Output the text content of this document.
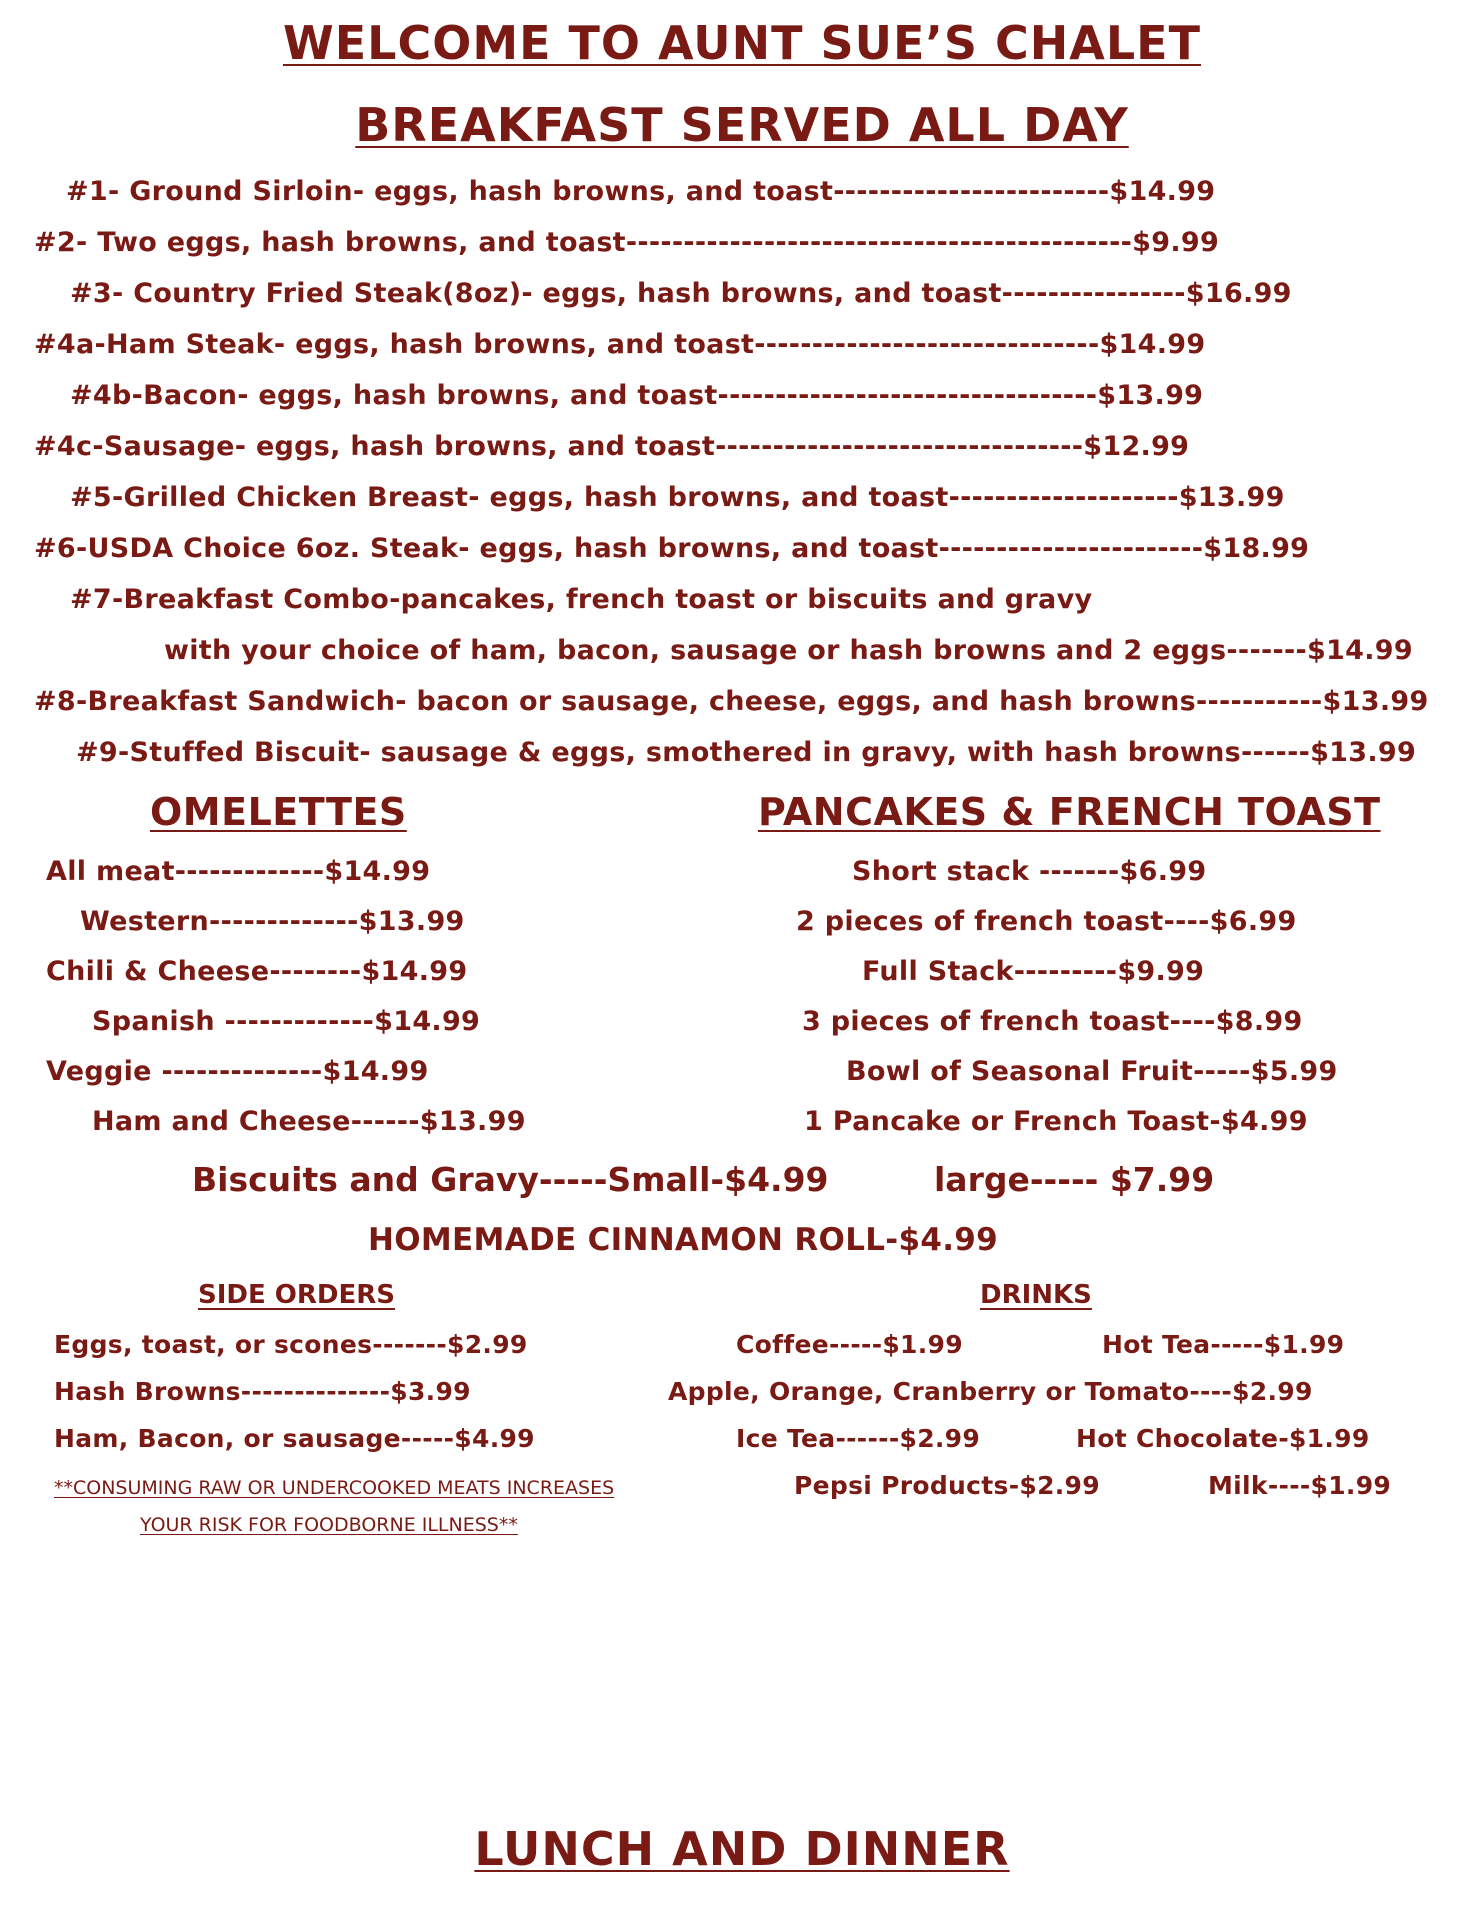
WELCOME TO AUNT SUE’S CHALET
BREAKFAST SERVED ALL DAY
#1- Ground Sirloin- eggs, hash browns, and toast------------------------$14.99
#2- Two eggs, hash browns, and toast--------------------------------------------$9.99
#3- Country Fried Steak(8oz)- eggs, hash browns, and toast----------------$16.99
#4a-Ham Steak- eggs, hash browns, and toast------------------------------$14.99
#4b-Bacon- eggs, hash browns, and toast---------------------------------$13.99
#4c-Sausage- eggs, hash browns, and toast--------------------------------$12.99
#5-Grilled Chicken Breast- eggs, hash browns, and toast--------------------$13.99
#6-USDA Choice 6oz. Steak- eggs, hash browns, and toast-----------------------$18.99
#7-Breakfast Combo-pancakes, french toast or biscuits and gravy
with your choice of ham, bacon, sausage or hash browns and 2 eggs-------$14.99
#8-Breakfast Sandwich- bacon or sausage, cheese, eggs, and hash browns-----------$13.99
#9-Stuffed Biscuit- sausage & eggs, smothered in gravy, with hash browns------$13.99
OMELETTES	PANCAKES & FRENCH TOAST
All meat-------------$14.99
Western-------------$13.99
Chili & Cheese--------$14.99
Spanish -------------$14.99
Veggie --------------$14.99
Ham and Cheese------$13.99
Short stack -------$6.99
2 pieces of french toast----$6.99
Full Stack---------$9.99
3 pieces of french toast----$8.99
Bowl of Seasonal Fruit-----$5.99
1 Pancake or French Toast-$4.99
Biscuits and Gravy-----Small-$4.99	large----- $7.99
HOMEMADE CINNAMON ROLL-$4.99
SIDE ORDERS	DRINKS
Eggs, toast, or scones-------$2.99
Hash Browns--------------$3.99
Ham, Bacon, or sausage-----$4.99
**CONSUMING RAW OR UNDERCOOKED MEATS INCREASES
YOUR RISK FOR FOODBORNE ILLNESS**
Coffee-----$1.99	Hot Tea-----$1.99
Apple, Orange, Cranberry or Tomato----$2.99
Ice Tea------$2.99	Hot Chocolate-$1.99
Pepsi Products-$2.99	Milk----$1.99
LUNCH AND DINNER
